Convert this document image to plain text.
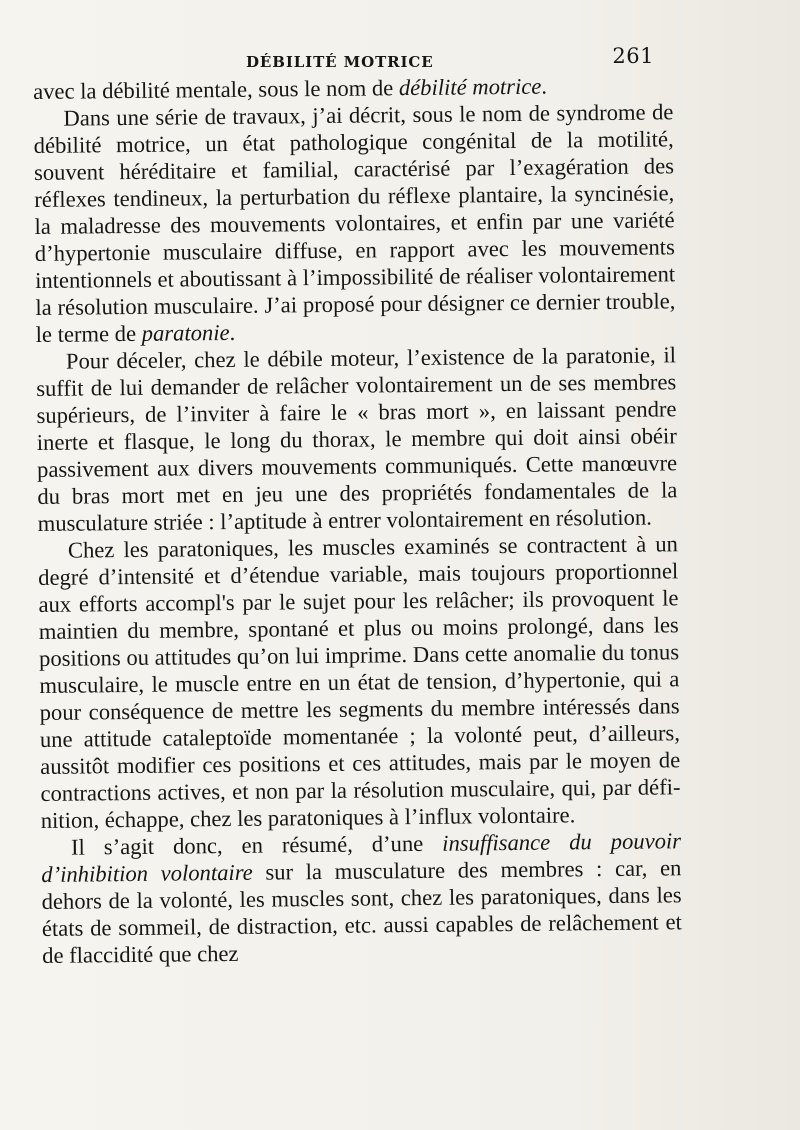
DÉBILITÉ MOTRICE	261

avec la débilité mentale, sous le nom de débilité motrice.

Dans une série de travaux, j’ai décrit, sous le nom de syndrome de débilité motrice, un état pathologique congénital de la motilité, souvent héréditaire et familial, caractérisé par l’exagération des réflexes tendineux, la perturbation du réflexe plantaire, la syncinésie, la maladresse des mouvements volontaires, et enfin par une variété d’hypertonie musculaire diffuse, en rapport avec les mouvements intentionnels et aboutissant à l’impossibilité de réaliser volontairement la résolution musculaire. J’ai proposé pour désigner ce dernier trouble, le terme de paratonie.

Pour déceler, chez le débile moteur, l’existence de la paratonie, il suffit de lui demander de relâcher volontairement un de ses membres supérieurs, de l’inviter à faire le « bras mort », en laissant pendre inerte et flasque, le long du thorax, le membre qui doit ainsi obéir passivement aux divers mouvements communiqués. Cette manœuvre du bras mort met en jeu une des propriétés fondamentales de la musculature striée : l’aptitude à entrer volontairement en résolution.

Chez les paratoniques, les muscles examinés se contractent à un degré d’intensité et d’étendue variable, mais toujours proportionnel aux efforts accompl's par le sujet pour les relâcher; ils provoquent le maintien du membre, spontané et plus ou moins prolongé, dans les positions ou attitudes qu’on lui imprime. Dans cette anomalie du tonus musculaire, le muscle entre en un état de tension, d’hypertonie, qui a pour conséquence de mettre les segments du membre intéressés dans une attitude cataleptoïde momentanée ; la volonté peut, d’ailleurs, aussitôt modifier ces positions et ces attitudes, mais par le moyen de contractions actives, et non par la résolution musculaire, qui, par définition, échappe, chez les paratoniques à l’influx volontaire.

Il s’agit donc, en résumé, d’une insuffisance du pouvoir d’inhibition volontaire sur la musculature des membres : car, en dehors de la volonté, les muscles sont, chez les paratoniques, dans les états de sommeil, de distraction, etc. aussi capables de relâchement et de flaccidité que chez
